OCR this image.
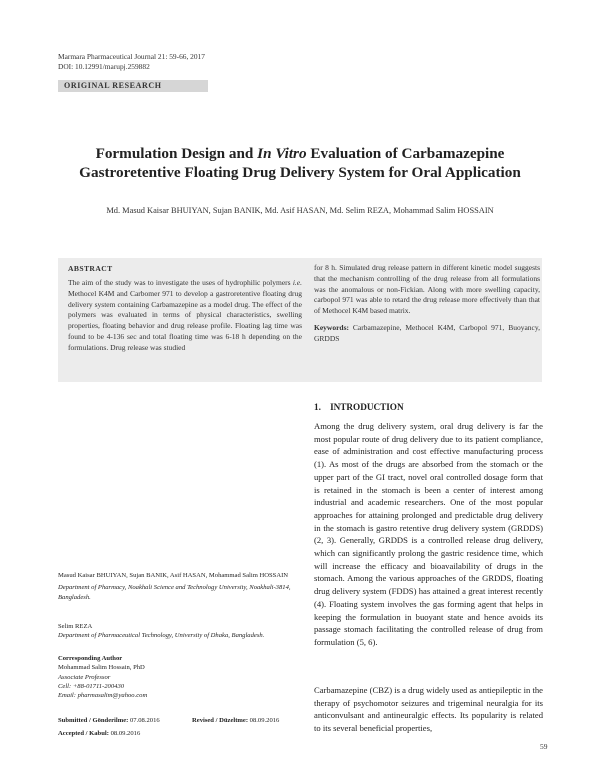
Marmara Pharmaceutical Journal 21: 59-66, 2017
DOI: 10.12991/marupj.259882
ORIGINAL RESEARCH
Formulation Design and In Vitro Evaluation of Carbamazepine Gastroretentive Floating Drug Delivery System for Oral Application
Md. Masud Kaisar BHUIYAN, Sujan BANIK, Md. Asif HASAN, Md. Selim REZA, Mohammad Salim HOSSAIN
ABSTRACT
The aim of the study was to investigate the uses of hydrophilic polymers i.e. Methocel K4M and Carbomer 971 to develop a gastroretentive floating drug delivery system containing Carbamazepine as a model drug. The effect of the polymers was evaluated in terms of physical characteristics, swelling properties, floating behavior and drug release profile. Floating lag time was found to be 4-136 sec and total floating time was 6-18 h depending on the formulations. Drug release was studied
for 8 h. Simulated drug release pattern in different kinetic model suggests that the mechanism controlling of the drug release from all formulations was the anomalous or non-Fickian. Along with more swelling capacity, carbopol 971 was able to retard the drug release more effectively than that of Methocel K4M based matrix.
Keywords: Carbamazepine, Methocel K4M, Carbopol 971, Buoyancy, GRDDS
1.    INTRODUCTION
Among the drug delivery system, oral drug delivery is far the most popular route of drug delivery due to its patient compliance, ease of administration and cost effective manufacturing process (1). As most of the drugs are absorbed from the stomach or the upper part of the GI tract, novel oral controlled dosage form that is retained in the stomach is been a center of interest among industrial and academic researchers. One of the most popular approaches for attaining prolonged and predictable drug delivery in the stomach is gastro retentive drug delivery system (GRDDS) (2, 3). Generally, GRDDS is a controlled release drug delivery, which can significantly prolong the gastric residence time, which will increase the efficacy and bioavailability of drugs in the stomach. Among the various approaches of the GRDDS, floating drug delivery system (FDDS) has attained a great interest recently (4). Floating system involves the gas forming agent that helps in keeping the formulation in buoyant state and hence avoids its passage stomach facilitating the controlled release of drug from formulation (5, 6).
Carbamazepine (CBZ) is a drug widely used as antiepileptic in the therapy of psychomotor seizures and trigeminal neuralgia for its anticonvulsant and antineuralgic effects. Its popularity is related to its several beneficial properties,
Masud Kaisar BHUIYAN, Sujan BANIK, Asif HASAN, Mohammad Salim HOSSAIN
Department of Pharmacy, Noakhali Science and Technology University, Noakhali-3814, Bangladesh.
Selim REZA
Department of Pharmaceutical Technology, University of Dhaka, Bangladesh.
Corresponding Author
Mohammad Salim Hossain, PhD
Associate Professor
Cell: +88-01711-200430
Email: pharmasalim@yahoo.com
Submitted / Gönderilme: 07.08.2016	Revised / Düzeltme: 08.09.2016
Accepted / Kabul: 08.09.2016
59
